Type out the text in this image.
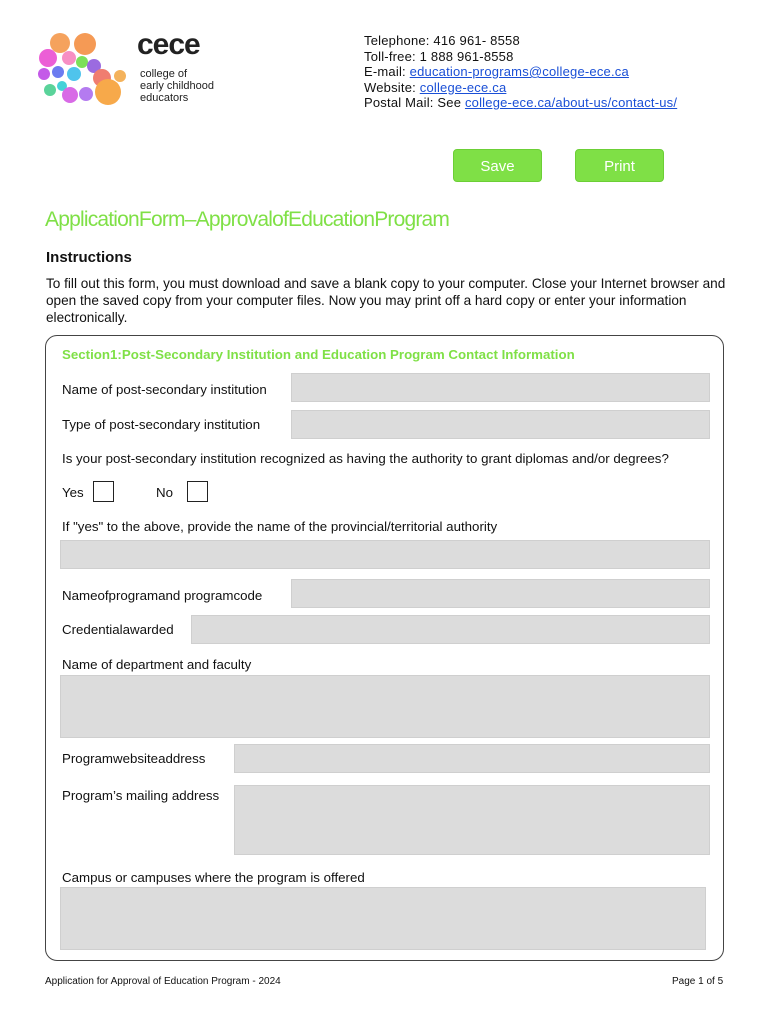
cece
college of
early childhood
educators
Telephone: 416 961- 8558
Toll-free: 1 888 961-8558
E-mail: education-programs@college-ece.ca
Website: college-ece.ca
Postal Mail: See college-ece.ca/about-us/contact-us/
Save	Print
ApplicationForm–ApprovalofEducationProgram
Instructions
To fill out this form, you must download and save a blank copy to your computer. Close your Internet browser and open the saved copy from your computer files. Now you may print off a hard copy or enter your information electronically.
Section1:Post-Secondary Institution and Education Program Contact Information
Name of post-secondary institution
Type of post-secondary institution
Is your post-secondary institution recognized as having the authority to grant diplomas and/or degrees?
Yes	No
If "yes" to the above, provide the name of the provincial/territorial authority
Nameofprogramand programcode
Credentialawarded
Name of department and faculty
Programwebsiteaddress
Program’s mailing address
Campus or campuses where the program is offered
Application for Approval of Education Program - 2024	Page 1 of 5
